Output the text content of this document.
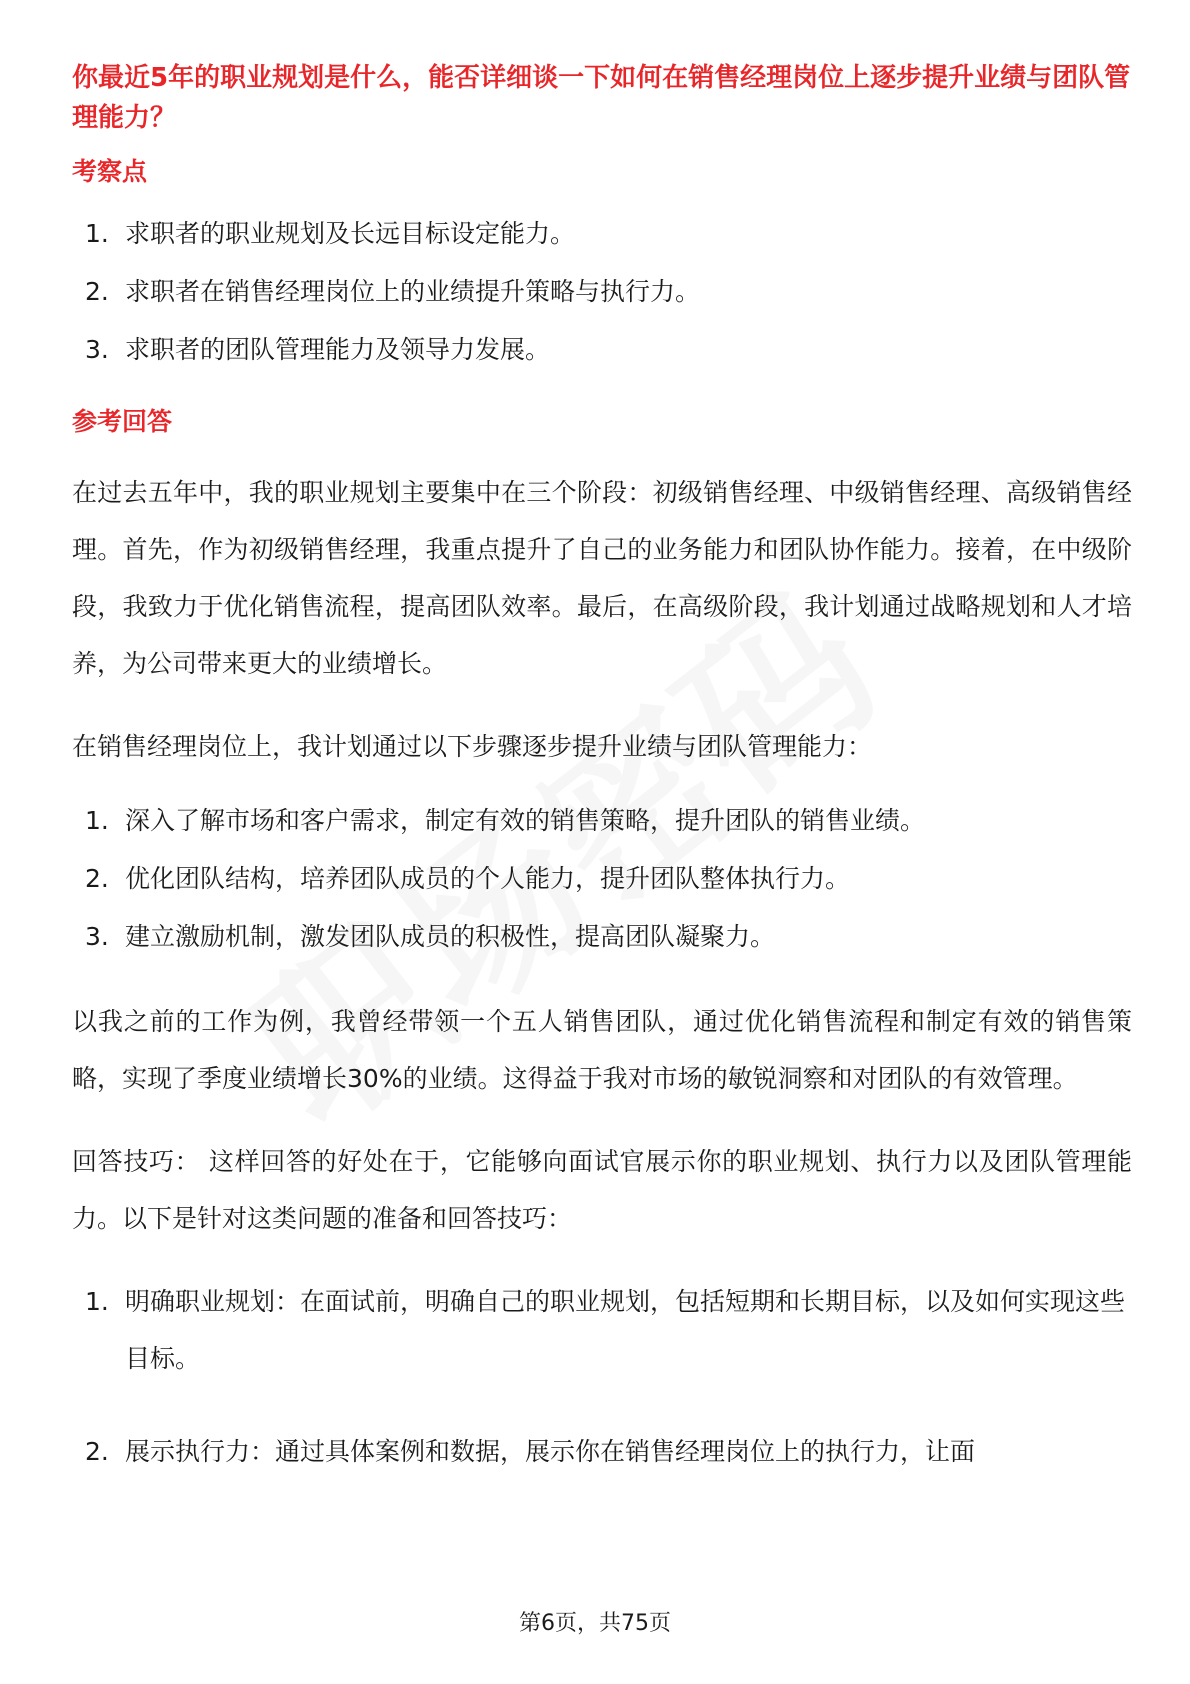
你最近5年的职业规划是什么，能否详细谈一下如何在销售经理岗位上逐步提升业绩与团队管理能力？
考察点
1. 求职者的职业规划及长远目标设定能力。
2. 求职者在销售经理岗位上的业绩提升策略与执行力。
3. 求职者的团队管理能力及领导力发展。
参考回答

在过去五年中，我的职业规划主要集中在三个阶段：初级销售经理、中级销售经理、高级销售经理。首先，作为初级销售经理，我重点提升了自己的业务能力和团队协作能力。接着，在中级阶段，我致力于优化销售流程，提高团队效率。最后，在高级阶段，我计划通过战略规划和人才培养，为公司带来更大的业绩增长。

在销售经理岗位上，我计划通过以下步骤逐步提升业绩与团队管理能力：

1. 深入了解市场和客户需求，制定有效的销售策略，提升团队的销售业绩。
2. 优化团队结构，培养团队成员的个人能力，提升团队整体执行力。
3. 建立激励机制，激发团队成员的积极性，提高团队凝聚力。

以我之前的工作为例，我曾经带领一个五人销售团队，通过优化销售流程和制定有效的销售策略，实现了季度业绩增长30%的业绩。这得益于我对市场的敏锐洞察和对团队的有效管理。

回答技巧： 这样回答的好处在于，它能够向面试官展示你的职业规划、执行力以及团队管理能力。以下是针对这类问题的准备和回答技巧：

1. 明确职业规划：在面试前，明确自己的职业规划，包括短期和长期目标，以及如何实现这些目标。
2. 展示执行力：通过具体案例和数据，展示你在销售经理岗位上的执行力，让面
第6页，共75页
